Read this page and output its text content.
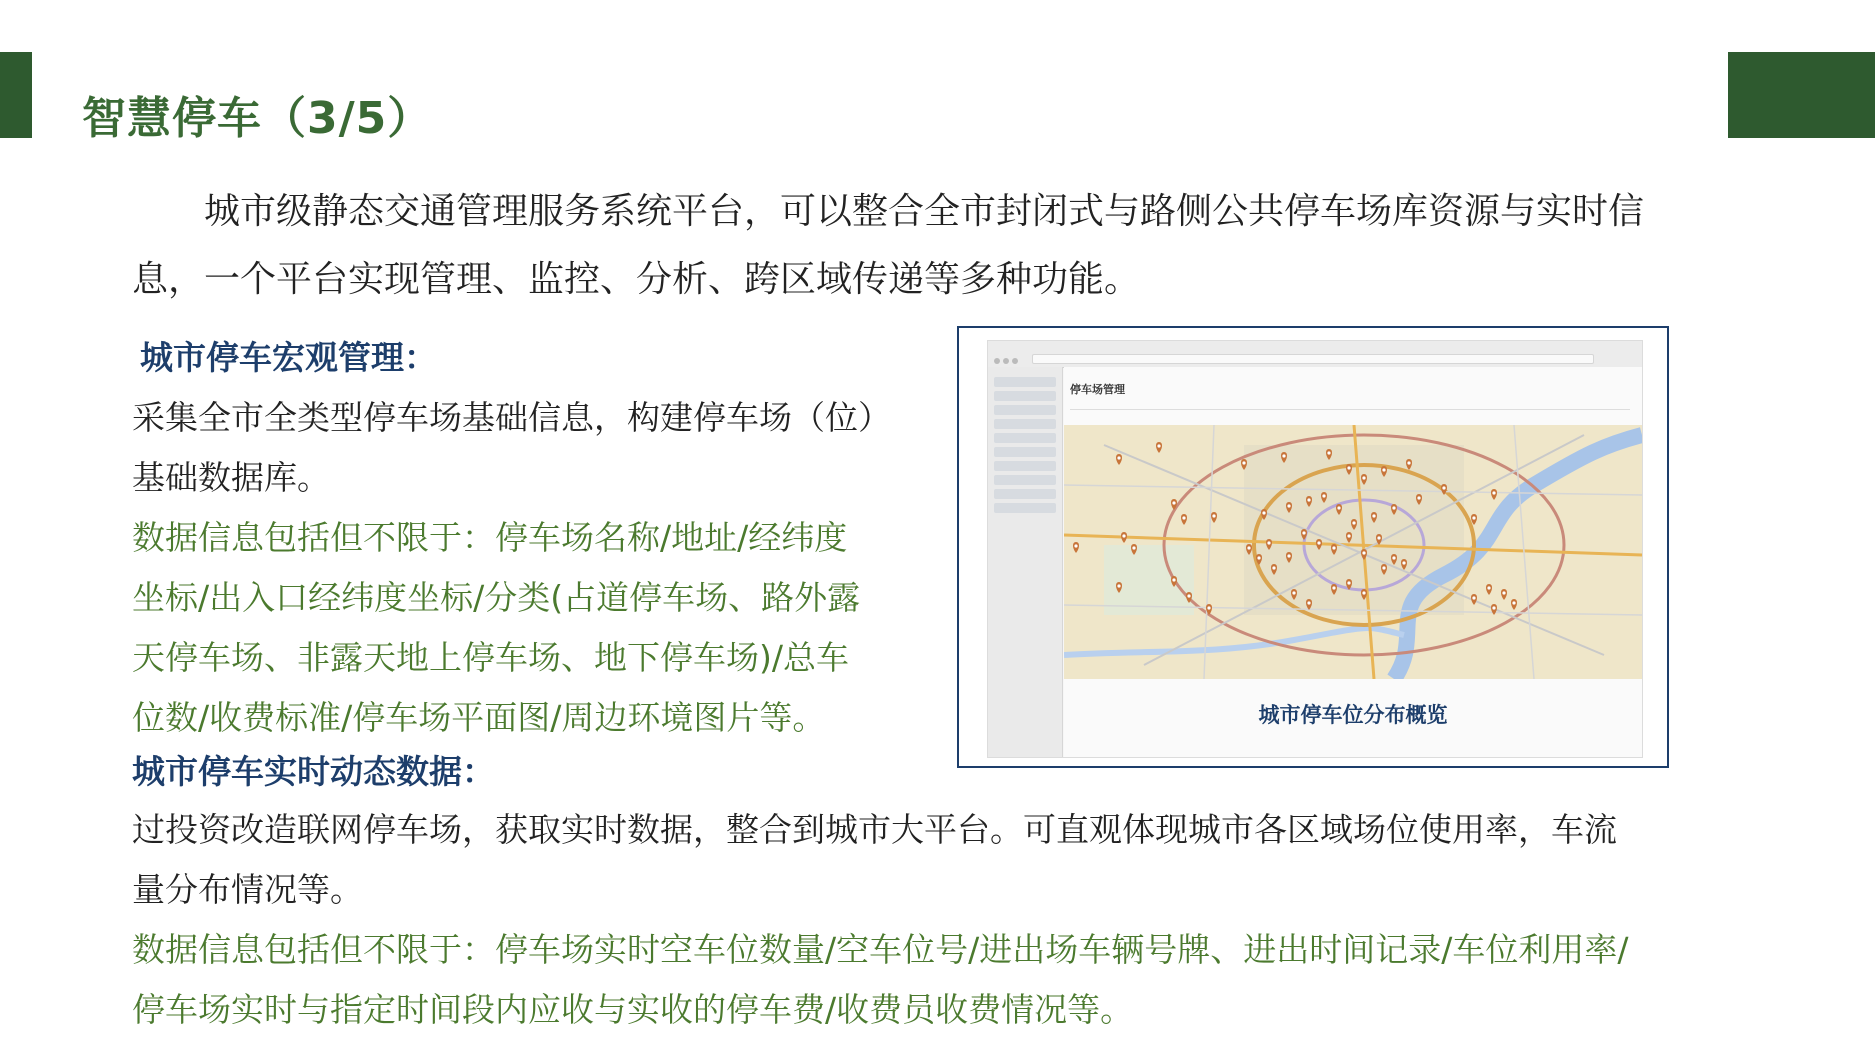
智慧停车（3/5）
城市级静态交通管理服务系统平台，可以整合全市封闭式与路侧公共停车场库资源与实时信息，一个平台实现管理、监控、分析、跨区域传递等多种功能。
城市停车宏观管理：
采集全市全类型停车场基础信息，构建停车场（位）
基础数据库。
数据信息包括但不限于：停车场名称/地址/经纬度
坐标/出入口经纬度坐标/分类(占道停车场、路外露
天停车场、非露天地上停车场、地下停车场)/总车
位数/收费标准/停车场平面图/周边环境图片等。
城市停车实时动态数据：
过投资改造联网停车场，获取实时数据，整合到城市大平台。可直观体现城市各区域场位使用率，车流
量分布情况等。
数据信息包括但不限于：停车场实时空车位数量/空车位号/进出场车辆号牌、进出时间记录/车位利用率/
停车场实时与指定时间段内应收与实收的停车费/收费员收费情况等。
停车场管理
城市停车位分布概览
